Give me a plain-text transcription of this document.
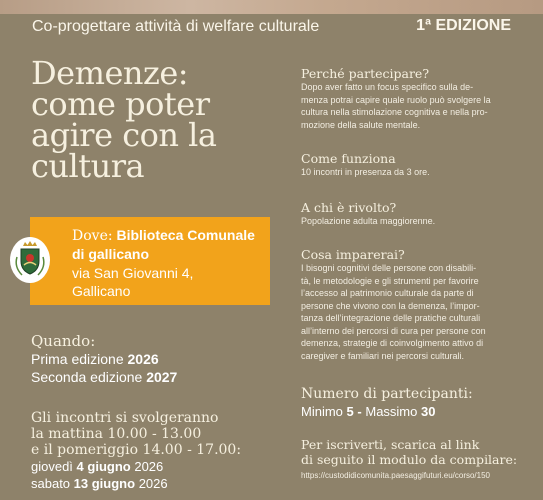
Co-progettare attività di welfare culturale	1ª EDIZIONE
Demenze:
come poter
agire con la
cultura
Dove: Biblioteca Comunale
di gallicano
via San Giovanni 4,
Gallicano
Quando:
Prima edizione 2026
Seconda edizione 2027
Gli incontri si svolgeranno
la mattina 10.00 - 13.00
e il pomeriggio 14.00 - 17.00:
giovedì 4 giugno 2026
sabato 13 giugno 2026
Perché partecipare?
Dopo aver fatto un focus specifico sulla de-
menza potrai capire quale ruolo può svolgere la
cultura nella stimolazione cognitiva e nella pro-
mozione della salute mentale.
Come funziona
10 incontri in presenza da 3 ore.
A chi è rivolto?
Popolazione adulta maggiorenne.
Cosa imparerai?
I bisogni cognitivi delle persone con disabili-
tà, le metodologie e gli strumenti per favorire
l’accesso al patrimonio culturale da parte di
persone che vivono con la demenza, l’impor-
tanza dell’integrazione delle pratiche culturali
all’interno dei percorsi di cura per persone con
demenza, strategie di coinvolgimento attivo di
caregiver e familiari nei percorsi culturali.
Numero di partecipanti:
Minimo 5 - Massimo 30
Per iscriverti, scarica al link
di seguito il modulo da compilare:
https://custodidicomunita.paesaggifuturi.eu/corso/150
